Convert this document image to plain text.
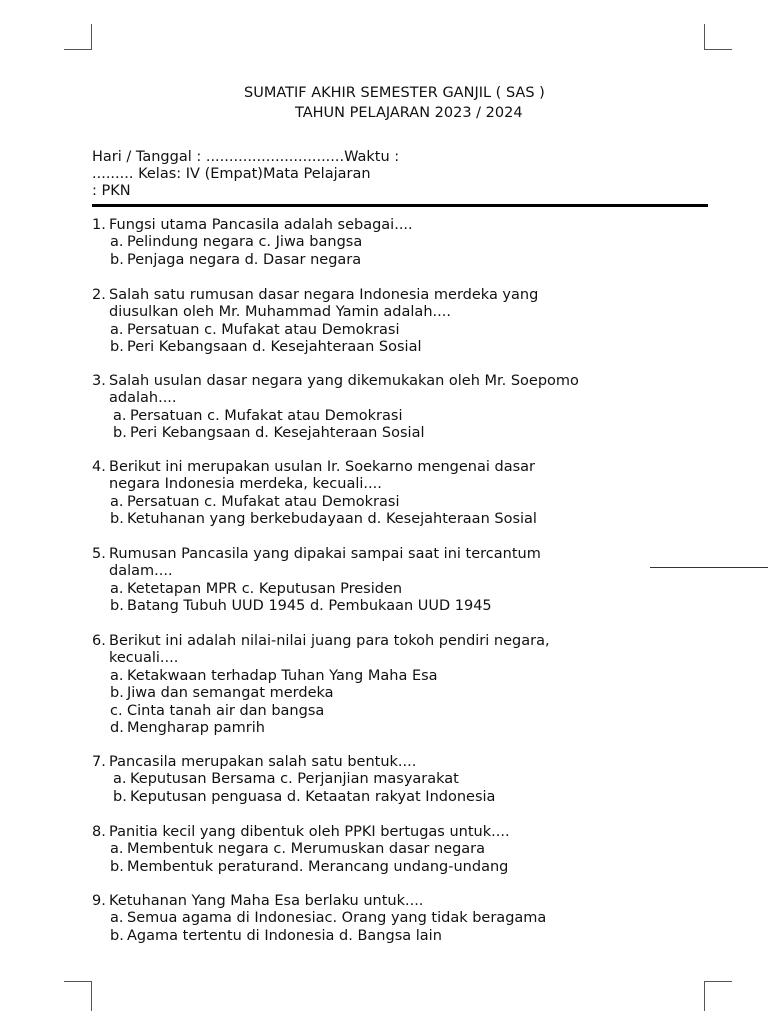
SUMATIF AKHIR SEMESTER GANJIL ( SAS )
TAHUN PELAJARAN 2023 / 2024
Hari / Tanggal : ..............................Waktu :
......... Kelas: IV (Empat)Mata Pelajaran
: PKN
1. Fungsi utama Pancasila adalah sebagai....
a. Pelindung negara c. Jiwa bangsa
b. Penjaga negara d. Dasar negara
2. Salah satu rumusan dasar negara Indonesia merdeka yang
diusulkan oleh Mr. Muhammad Yamin adalah....
a. Persatuan c. Mufakat atau Demokrasi
b. Peri Kebangsaan d. Kesejahteraan Sosial
3. Salah usulan dasar negara yang dikemukakan oleh Mr. Soepomo
adalah....
a. Persatuan c. Mufakat atau Demokrasi
b. Peri Kebangsaan d. Kesejahteraan Sosial
4. Berikut ini merupakan usulan Ir. Soekarno mengenai dasar
negara Indonesia merdeka, kecuali....
a. Persatuan c. Mufakat atau Demokrasi
b. Ketuhanan yang berkebudayaan d. Kesejahteraan Sosial
5. Rumusan Pancasila yang dipakai sampai saat ini tercantum
dalam....
a. Ketetapan MPR c. Keputusan Presiden
b. Batang Tubuh UUD 1945 d. Pembukaan UUD 1945
6. Berikut ini adalah nilai-nilai juang para tokoh pendiri negara,
kecuali....
a. Ketakwaan terhadap Tuhan Yang Maha Esa
b. Jiwa dan semangat merdeka
c. Cinta tanah air dan bangsa
d. Mengharap pamrih
7. Pancasila merupakan salah satu bentuk....
a. Keputusan Bersama c. Perjanjian masyarakat
b. Keputusan penguasa d. Ketaatan rakyat Indonesia
8. Panitia kecil yang dibentuk oleh PPKI bertugas untuk....
a. Membentuk negara c. Merumuskan dasar negara
b. Membentuk peraturand. Merancang undang-undang
9. Ketuhanan Yang Maha Esa berlaku untuk....
a. Semua agama di Indonesiac. Orang yang tidak beragama
b. Agama tertentu di Indonesia d. Bangsa lain
